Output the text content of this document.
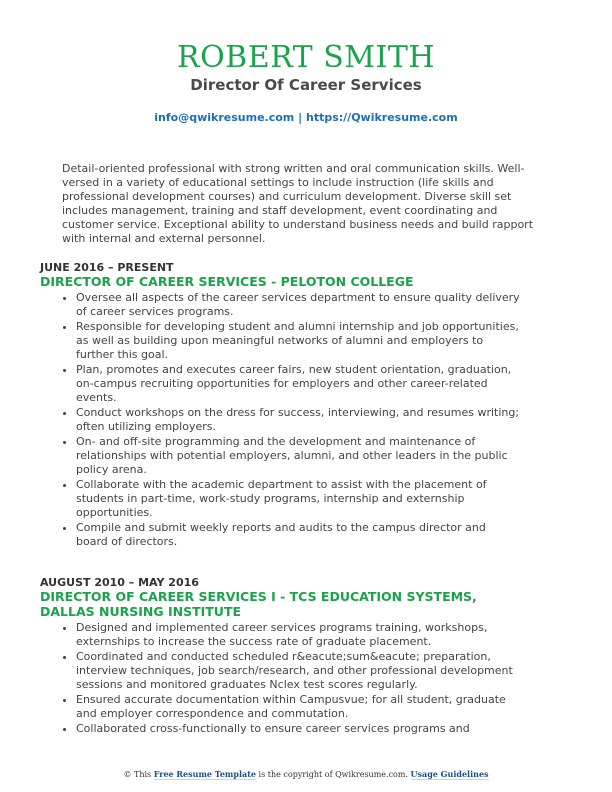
ROBERT SMITH
Director Of Career Services
info@qwikresume.com | https://Qwikresume.com
Detail-oriented professional with strong written and oral communication skills. Well-versed in a variety of educational settings to include instruction (life skills and professional development courses) and curriculum development. Diverse skill set includes management, training and staff development, event coordinating and customer service. Exceptional ability to understand business needs and build rapport with internal and external personnel.
JUNE 2016 – PRESENT
DIRECTOR OF CAREER SERVICES - PELOTON COLLEGE
• Oversee all aspects of the career services department to ensure quality delivery of career services programs.
• Responsible for developing student and alumni internship and job opportunities, as well as building upon meaningful networks of alumni and employers to further this goal.
• Plan, promotes and executes career fairs, new student orientation, graduation, on-campus recruiting opportunities for employers and other career-related events.
• Conduct workshops on the dress for success, interviewing, and resumes writing; often utilizing employers.
• On- and off-site programming and the development and maintenance of relationships with potential employers, alumni, and other leaders in the public policy arena.
• Collaborate with the academic department to assist with the placement of students in part-time, work-study programs, internship and externship opportunities.
• Compile and submit weekly reports and audits to the campus director and board of directors.
AUGUST 2010 – MAY 2016
DIRECTOR OF CAREER SERVICES I - TCS EDUCATION SYSTEMS, DALLAS NURSING INSTITUTE
• Designed and implemented career services programs training, workshops, externships to increase the success rate of graduate placement.
• Coordinated and conducted scheduled r&eacute;sum&eacute; preparation, interview techniques, job search/research, and other professional development sessions and monitored graduates Nclex test scores regularly.
• Ensured accurate documentation within Campusvue; for all student, graduate and employer correspondence and commutation.
• Collaborated cross-functionally to ensure career services programs and
© This Free Resume Template is the copyright of Qwikresume.com. Usage Guidelines
